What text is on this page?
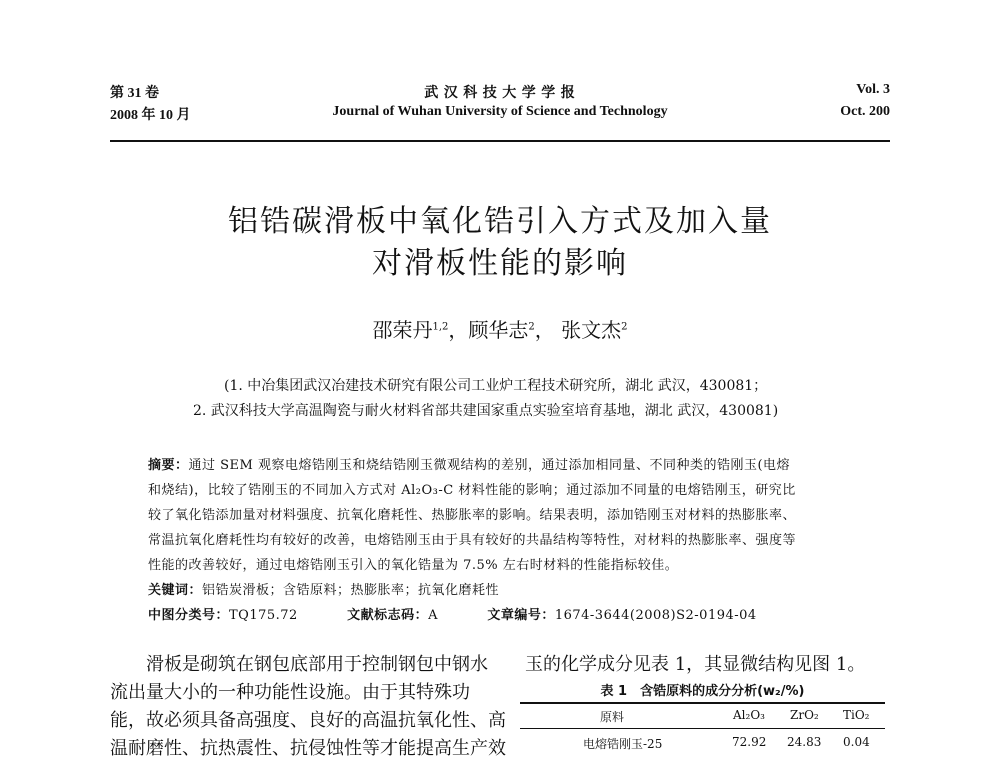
第 31 卷
2008 年 10 月
武 汉 科 技 大 学 学 报
Journal of Wuhan University of Science and Technology
Vol. 3
Oct. 200
铝锆碳滑板中氧化锆引入方式及加入量
对滑板性能的影响
邵荣丹$^{1,2}$，顾华志$^2$， 张文杰$^2$
(1. 中冶集团武汉冶建技术研究有限公司工业炉工程技术研究所，湖北 武汉，430081；
2. 武汉科技大学高温陶瓷与耐火材料省部共建国家重点实验室培育基地，湖北 武汉，430081)
摘要：通过 SEM 观察电熔锆刚玉和烧结锆刚玉微观结构的差别，通过添加相同量、不同种类的锆刚玉(电熔
和烧结)，比较了锆刚玉的不同加入方式对 Al₂O₃-C 材料性能的影响；通过添加不同量的电熔锆刚玉，研究比
较了氧化锆添加量对材料强度、抗氧化磨耗性、热膨胀率的影响。结果表明，添加锆刚玉对材料的热膨胀率、
常温抗氧化磨耗性均有较好的改善，电熔锆刚玉由于具有较好的共晶结构等特性，对材料的热膨胀率、强度等
性能的改善较好，通过电熔锆刚玉引入的氧化锆量为 7.5% 左右时材料的性能指标较佳。
关键词：铝锆炭滑板；含锆原料；热膨胀率；抗氧化磨耗性
中图分类号：TQ175.72	文献标志码：A	文章编号：1674-3644(2008)S2-0194-04
　　滑板是砌筑在钢包底部用于控制钢包中钢水
流出量大小的一种功能性设施。由于其特殊功
能，故必须具备高强度、良好的高温抗氧化性、高
温耐磨性、抗热震性、抗侵蚀性等才能提高生产效
玉的化学成分见表 1，其显微结构见图 1。
表 1　含锆原料的成分分析(w₂/%)
原料	Al₂O₃ ZrO₂ TiO₂
电熔锆刚玉-25	72.92 24.83 0.04
